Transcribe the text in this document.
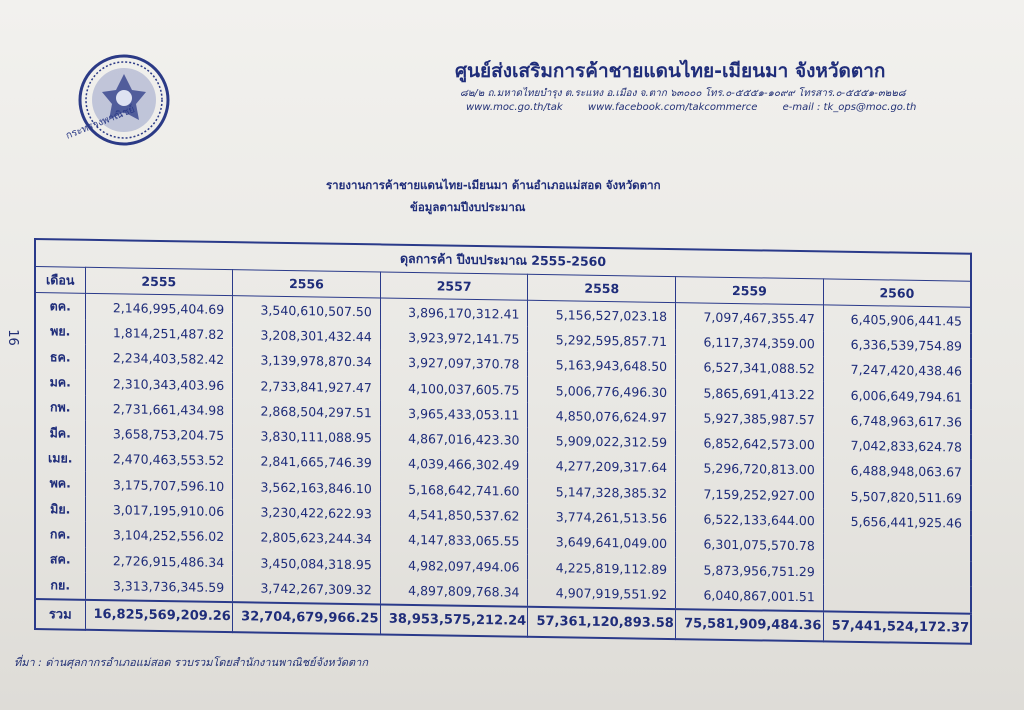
กระทรวงพาณิชย์
ศูนย์ส่งเสริมการค้าชายแดนไทย-เมียนมา จังหวัดตาก
๘๒/๒ ถ.มหาดไทยบำรุง ต.ระแหง อ.เมือง จ.ตาก ๖๓๐๐๐ โทร.๐-๕๕๕๑-๑๐๙๙ โทรสาร.๐-๕๕๕๑-๓๒๒๘
www.moc.go.th/tak	www.facebook.com/takcommerce	e-mail : tk_ops@moc.go.th
รายงานการค้าชายแดนไทย-เมียนมา ด้านอำเภอแม่สอด จังหวัดตาก
ข้อมูลตามปีงบประมาณ
16
ดุลการค้า ปีงบประมาณ 2555-2560						
เดือน	2555	2556	2557	2558	2559	2560
ตค.	2,146,995,404.69	3,540,610,507.50	3,896,170,312.41	5,156,527,023.18	7,097,467,355.47	6,405,906,441.45
พย.	1,814,251,487.82	3,208,301,432.44	3,923,972,141.75	5,292,595,857.71	6,117,374,359.00	6,336,539,754.89
ธค.	2,234,403,582.42	3,139,978,870.34	3,927,097,370.78	5,163,943,648.50	6,527,341,088.52	7,247,420,438.46
มค.	2,310,343,403.96	2,733,841,927.47	4,100,037,605.75	5,006,776,496.30	5,865,691,413.22	6,006,649,794.61
กพ.	2,731,661,434.98	2,868,504,297.51	3,965,433,053.11	4,850,076,624.97	5,927,385,987.57	6,748,963,617.36
มีค.	3,658,753,204.75	3,830,111,088.95	4,867,016,423.30	5,909,022,312.59	6,852,642,573.00	7,042,833,624.78
เมย.	2,470,463,553.52	2,841,665,746.39	4,039,466,302.49	4,277,209,317.64	5,296,720,813.00	6,488,948,063.67
พค.	3,175,707,596.10	3,562,163,846.10	5,168,642,741.60	5,147,328,385.32	7,159,252,927.00	5,507,820,511.69
มิย.	3,017,195,910.06	3,230,422,622.93	4,541,850,537.62	3,774,261,513.56	6,522,133,644.00	5,656,441,925.46
กค.	3,104,252,556.02	2,805,623,244.34	4,147,833,065.55	3,649,641,049.00	6,301,075,570.78	
สค.	2,726,915,486.34	3,450,084,318.95	4,982,097,494.06	4,225,819,112.89	5,873,956,751.29	
กย.	3,313,736,345.59	3,742,267,309.32	4,897,809,768.34	4,907,919,551.92	6,040,867,001.51	
รวม	16,825,569,209.26	32,704,679,966.25	38,953,575,212.24	57,361,120,893.58	75,581,909,484.36	57,441,524,172.37
ที่มา : ด่านศุลกากรอำเภอแม่สอด รวบรวมโดยสำนักงานพาณิชย์จังหวัดตาก
